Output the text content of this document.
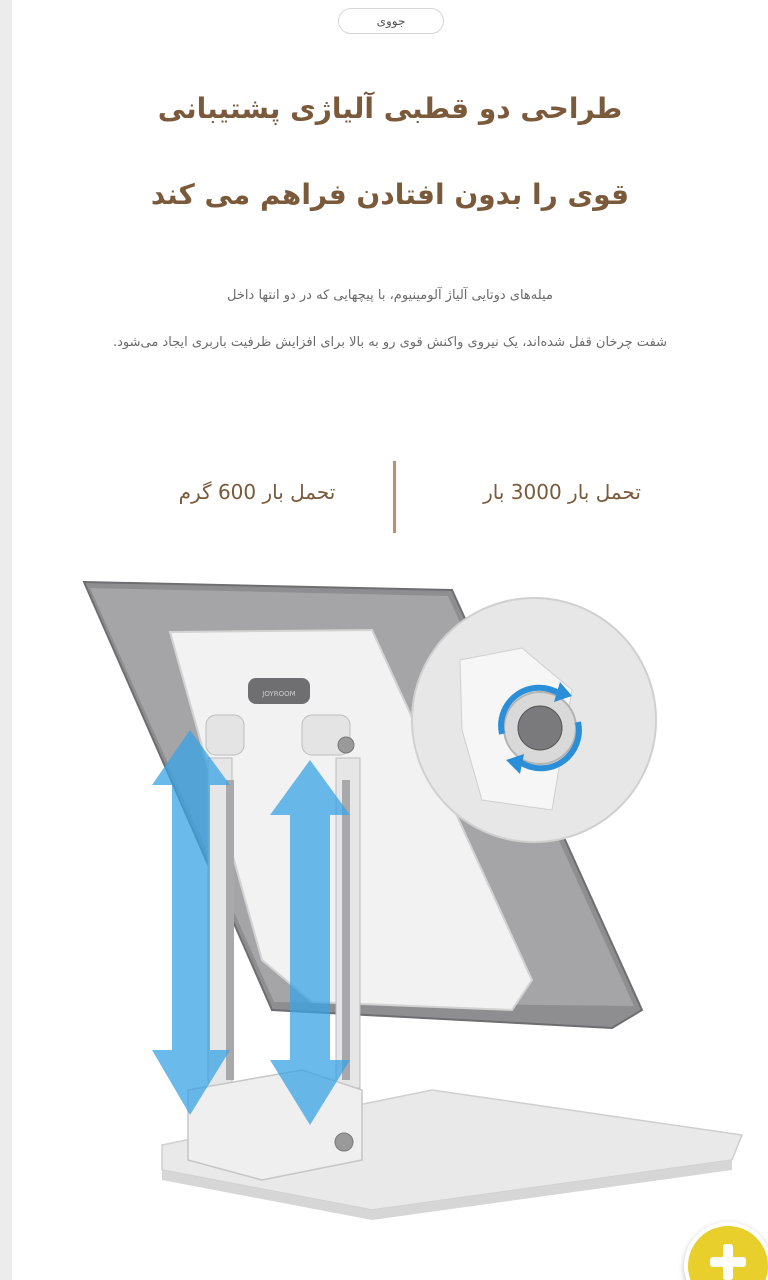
جووی
طراحی دو قطبی آلیاژی پشتیبانی
قوی را بدون افتادن فراهم می کند
میله‌های دوتایی آلیاژ آلومینیوم، با پیچهایی که در دو انتها داخل
شفت چرخان قفل شده‌اند، یک نیروی واکنش قوی رو به بالا برای افزایش ظرفیت باربری ایجاد می‌شود.
تحمل بار 3000 بار
تحمل بار 600 گرم
JOYROOM
